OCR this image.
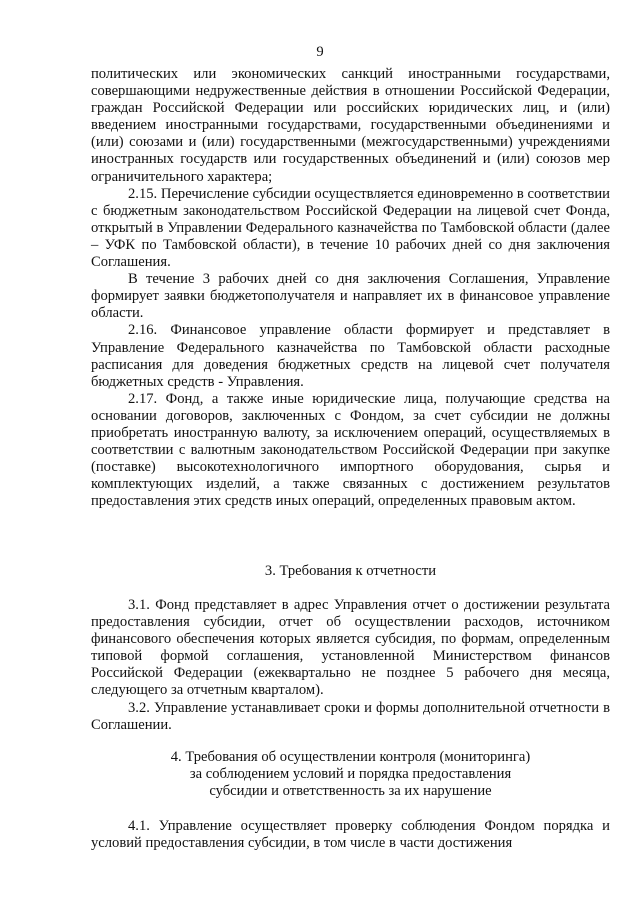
9

политических или экономических санкций иностранными государствами, совершающими недружественные действия в отношении Российской Федерации, граждан Российской Федерации или российских юридических лиц, и (или) введением иностранными государствами, государственными объединениями и (или) союзами и (или) государственными (межгосударственными) учреждениями иностранных государств или государственных объединений и (или) союзов мер ограничительного характера;

2.15. Перечисление субсидии осуществляется единовременно в соответствии с бюджетным законодательством Российской Федерации на лицевой счет Фонда, открытый в Управлении Федерального казначейства по Тамбовской области (далее – УФК по Тамбовской области), в течение 10 рабочих дней со дня заключения Соглашения.

В течение 3 рабочих дней со дня заключения Соглашения, Управление формирует заявки бюджетополучателя и направляет их в финансовое управление области.

2.16. Финансовое управление области формирует и представляет в Управление Федерального казначейства по Тамбовской области расходные расписания для доведения бюджетных средств на лицевой счет получателя бюджетных средств - Управления.

2.17. Фонд, а также иные юридические лица, получающие средства на основании договоров, заключенных с Фондом, за счет субсидии не должны приобретать иностранную валюту, за исключением операций, осуществляемых в соответствии с валютным законодательством Российской Федерации при закупке (поставке) высокотехнологичного импортного оборудования, сырья и комплектующих изделий, а также связанных с достижением результатов предоставления этих средств иных операций, определенных правовым актом.

3. Требования к отчетности

3.1. Фонд представляет в адрес Управления отчет о достижении результата предоставления субсидии, отчет об осуществлении расходов, источником финансового обеспечения которых является субсидия, по формам, определенным типовой формой соглашения, установленной Министерством финансов Российской Федерации (ежеквартально не позднее 5 рабочего дня месяца, следующего за отчетным кварталом).

3.2. Управление устанавливает сроки и формы дополнительной отчетности в Соглашении.

4. Требования об осуществлении контроля (мониторинга)
за соблюдением условий и порядка предоставления
субсидии и ответственность за их нарушение

4.1. Управление осуществляет проверку соблюдения Фондом порядка и условий предоставления субсидии, в том числе в части достижения
